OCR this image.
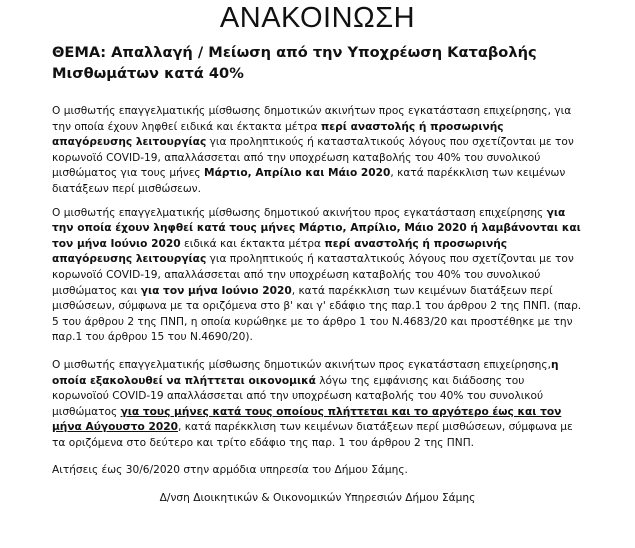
ΑΝΑΚΟΙΝΩΣΗ
ΘΕΜΑ: Απαλλαγή / Μείωση από την Υποχρέωση Καταβολής
Μισθωμάτων κατά 40%

Ο μισθωτής επαγγελματικής μίσθωσης δημοτικών ακινήτων προς εγκατάσταση επιχείρησης, για την οποία έχουν ληφθεί ειδικά και έκτακτα μέτρα περί αναστολής ή προσωρινής απαγόρευσης λειτουργίας για προληπτικούς ή κατασταλτικούς λόγους που σχετίζονται με τον κορωνοϊό COVID-19, απαλλάσσεται από την υποχρέωση καταβολής του 40% του συνολικού μισθώματος για τους μήνες Μάρτιο, Απρίλιο και Μάιο 2020, κατά παρέκκλιση των κειμένων διατάξεων περί μισθώσεων.

Ο μισθωτής επαγγελματικής μίσθωσης δημοτικού ακινήτου προς εγκατάσταση επιχείρησης για την οποία έχουν ληφθεί κατά τους μήνες Μάρτιο, Απρίλιο, Μάιο 2020 ή λαμβάνονται και τον μήνα Ιούνιο 2020 ειδικά και έκτακτα μέτρα περί αναστολής ή προσωρινής απαγόρευσης λειτουργίας για προληπτικούς ή κατασταλτικούς λόγους που σχετίζονται με τον κορωνοϊό COVID-19, απαλλάσσεται από την υποχρέωση καταβολής του 40% του συνολικού μισθώματος και για τον μήνα Ιούνιο 2020, κατά παρέκκλιση των κειμένων διατάξεων περί μισθώσεων, σύμφωνα με τα οριζόμενα στο β' και γ' εδάφιο της παρ.1 του άρθρου 2 της ΠΝΠ. (παρ. 5 του άρθρου 2 της ΠΝΠ, η οποία κυρώθηκε με το άρθρο 1 του Ν.4683/20 και προστέθηκε με την παρ.1 του άρθρου 15 του Ν.4690/20).

Ο μισθωτής επαγγελματικής μίσθωσης δημοτικών ακινήτων προς εγκατάσταση επιχείρησης,η οποία εξακολουθεί να πλήττεται οικονομικά λόγω της εμφάνισης και διάδοσης του κορωνοϊού COVID-19 απαλλάσσεται από την υποχρέωση καταβολής του 40% του συνολικού μισθώματος για τους μήνες κατά τους οποίους πλήττεται και το αργότερο έως και τον μήνα Αύγουστο 2020, κατά παρέκκλιση των κειμένων διατάξεων περί μισθώσεων, σύμφωνα με τα οριζόμενα στο δεύτερο και τρίτο εδάφιο της παρ. 1 του άρθρου 2 της ΠΝΠ.

Αιτήσεις έως 30/6/2020 στην αρμόδια υπηρεσία του Δήμου Σάμης.

Δ/νση Διοικητικών & Οικονομικών Υπηρεσιών Δήμου Σάμης
